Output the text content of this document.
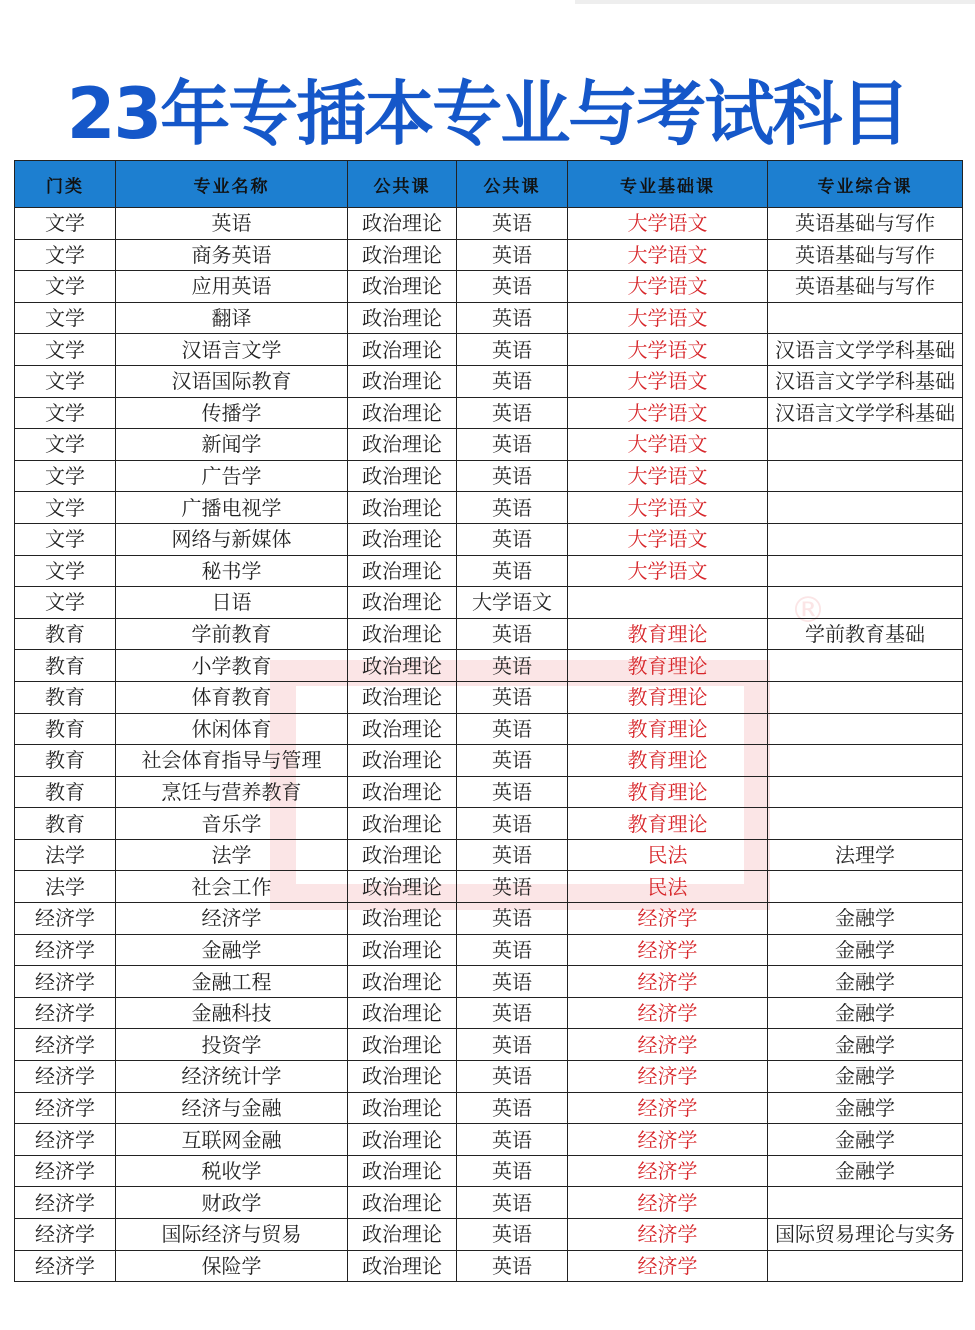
23年专插本专业与考试科目
®
门类	专业名称	公共课	公共课	专业基础课	专业综合课
文学	英语	政治理论	英语	大学语文	英语基础与写作
文学	商务英语	政治理论	英语	大学语文	英语基础与写作
文学	应用英语	政治理论	英语	大学语文	英语基础与写作
文学	翻译	政治理论	英语	大学语文	
文学	汉语言文学	政治理论	英语	大学语文	汉语言文学学科基础
文学	汉语国际教育	政治理论	英语	大学语文	汉语言文学学科基础
文学	传播学	政治理论	英语	大学语文	汉语言文学学科基础
文学	新闻学	政治理论	英语	大学语文	
文学	广告学	政治理论	英语	大学语文	
文学	广播电视学	政治理论	英语	大学语文	
文学	网络与新媒体	政治理论	英语	大学语文	
文学	秘书学	政治理论	英语	大学语文	
文学	日语	政治理论	大学语文		
教育	学前教育	政治理论	英语	教育理论	学前教育基础
教育	小学教育	政治理论	英语	教育理论	
教育	体育教育	政治理论	英语	教育理论	
教育	休闲体育	政治理论	英语	教育理论	
教育	社会体育指导与管理	政治理论	英语	教育理论	
教育	烹饪与营养教育	政治理论	英语	教育理论	
教育	音乐学	政治理论	英语	教育理论	
法学	法学	政治理论	英语	民法	法理学
法学	社会工作	政治理论	英语	民法	
经济学	经济学	政治理论	英语	经济学	金融学
经济学	金融学	政治理论	英语	经济学	金融学
经济学	金融工程	政治理论	英语	经济学	金融学
经济学	金融科技	政治理论	英语	经济学	金融学
经济学	投资学	政治理论	英语	经济学	金融学
经济学	经济统计学	政治理论	英语	经济学	金融学
经济学	经济与金融	政治理论	英语	经济学	金融学
经济学	互联网金融	政治理论	英语	经济学	金融学
经济学	税收学	政治理论	英语	经济学	金融学
经济学	财政学	政治理论	英语	经济学	
经济学	国际经济与贸易	政治理论	英语	经济学	国际贸易理论与实务
经济学	保险学	政治理论	英语	经济学	
